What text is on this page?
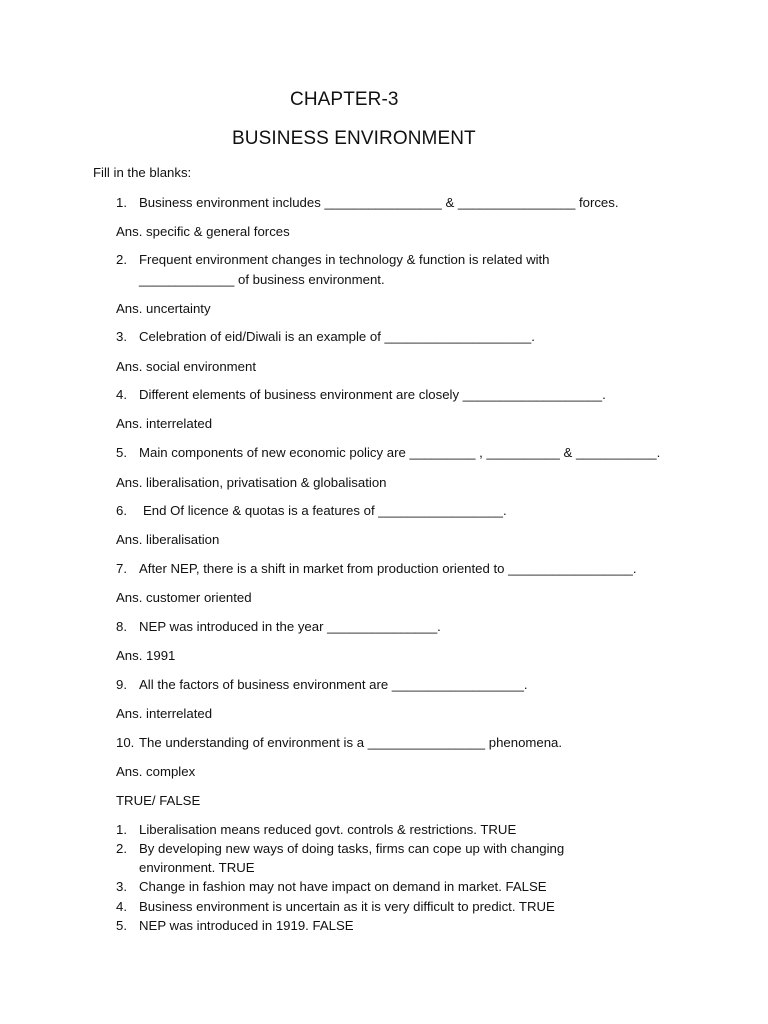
CHAPTER-3
BUSINESS ENVIRONMENT
Fill in the blanks:
1. Business environment includes ________________ & ________________ forces.
Ans. specific & general forces
2. Frequent environment changes in technology & function is related with
_____________ of business environment.
Ans. uncertainty
3. Celebration of eid/Diwali is an example of ____________________.
Ans. social environment
4. Different elements of business environment are closely ___________________.
Ans. interrelated
5. Main components of new economic policy are _________ , __________ & ___________.
Ans. liberalisation, privatisation & globalisation
6. End Of licence & quotas is a features of _________________.
Ans. liberalisation
7. After NEP, there is a shift in market from production oriented to _________________.
Ans. customer oriented
8. NEP was introduced in the year _______________.
Ans. 1991
9. All the factors of business environment are __________________.
Ans. interrelated
10. The understanding of environment is a ________________ phenomena.
Ans. complex
TRUE/ FALSE
1. Liberalisation means reduced govt. controls & restrictions. TRUE
2. By developing new ways of doing tasks, firms can cope up with changing
environment. TRUE
3. Change in fashion may not have impact on demand in market. FALSE
4. Business environment is uncertain as it is very difficult to predict. TRUE
5. NEP was introduced in 1919. FALSE
